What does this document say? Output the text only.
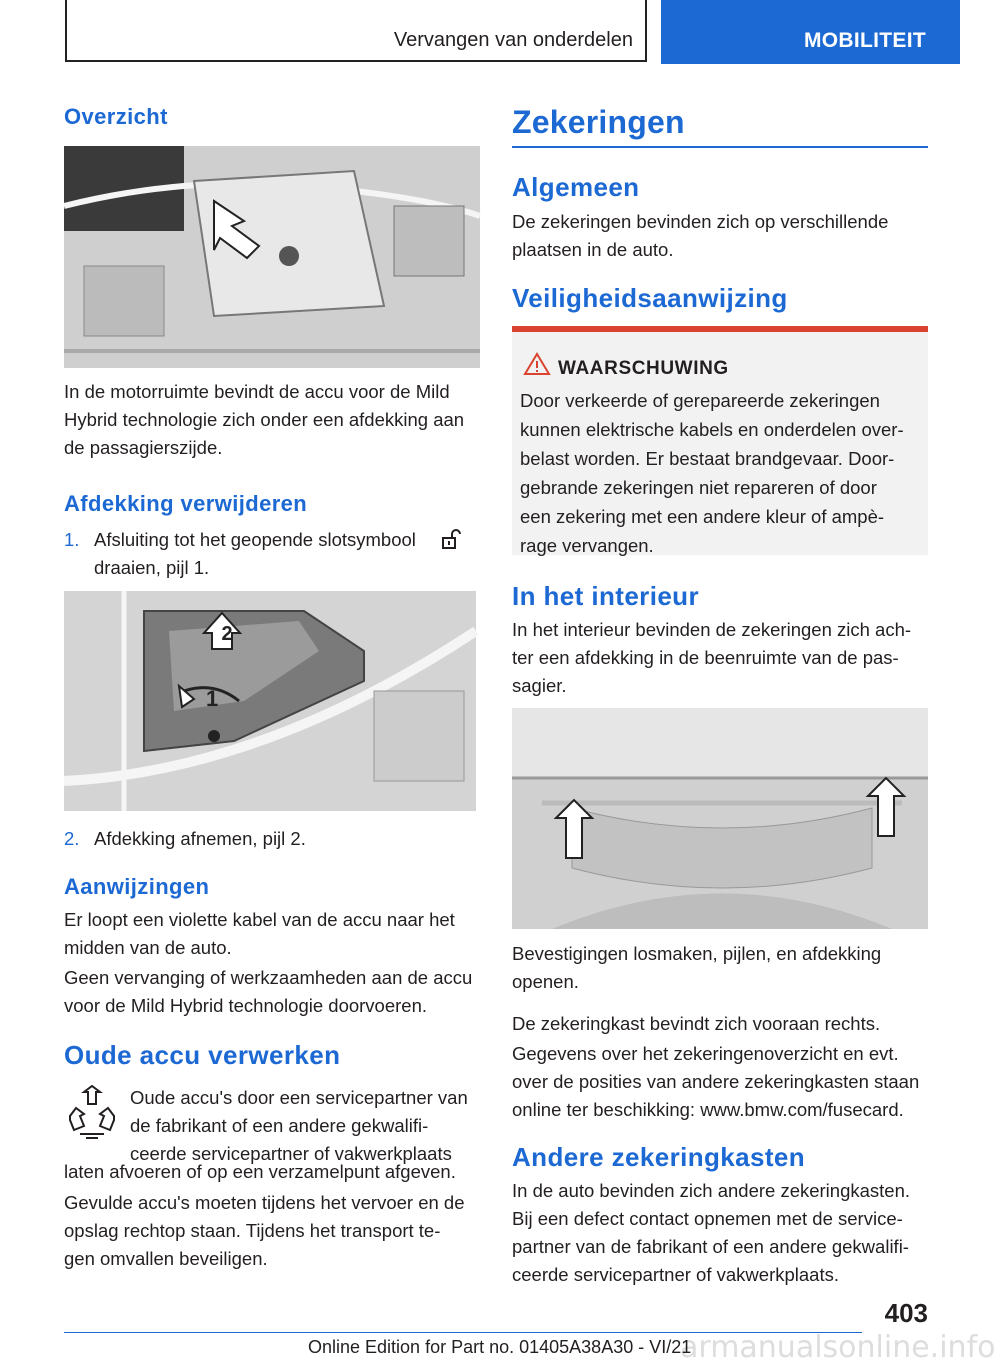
Vervangen van onderdelen	MOBILITEIT
Overzicht

In de motorruimte bevindt de accu voor de Mild
Hybrid technologie zich onder een afdekking aan
de passagierszijde.

Afdekking verwijderen
1. Afsluiting tot het geopende slotsymbool
draaien, pijl 1.

2
1
2. Afdekking afnemen, pijl 2.

Aanwijzingen

Er loopt een violette kabel van de accu naar het
midden van de auto.

Geen vervanging of werkzaamheden aan de accu
voor de Mild Hybrid technologie doorvoeren.

Oude accu verwerken

Oude accu's door een servicepartner van
de fabrikant of een andere gekwalifi-
ceerde servicepartner of vakwerkplaats

laten afvoeren of op een verzamelpunt afgeven.

Gevulde accu's moeten tijdens het vervoer en de
opslag rechtop staan. Tijdens het transport te-
gen omvallen beveiligen.

Zekeringen
Algemeen

De zekeringen bevinden zich op verschillende
plaatsen in de auto.

Veiligheidsaanwijzing
WAARSCHUWING

Door verkeerde of gerepareerde zekeringen
kunnen elektrische kabels en onderdelen over-
belast worden. Er bestaat brandgevaar. Door-
gebrande zekeringen niet repareren of door
een zekering met een andere kleur of ampè-
rage vervangen.

In het interieur

In het interieur bevinden de zekeringen zich ach-
ter een afdekking in de beenruimte van de pas-
sagier.

Bevestigingen losmaken, pijlen, en afdekking
openen.

De zekeringkast bevindt zich vooraan rechts.

Gegevens over het zekeringenoverzicht en evt.
over de posities van andere zekeringkasten staan
online ter beschikking: www.bmw.com/fusecard.

Andere zekeringkasten

In de auto bevinden zich andere zekeringkasten.
Bij een defect contact opnemen met de service-
partner van de fabrikant of een andere gekwalifi-
ceerde servicepartner of vakwerkplaats.

403
armanualsonline.info
Online Edition for Part no. 01405A38A30 - VI/21
